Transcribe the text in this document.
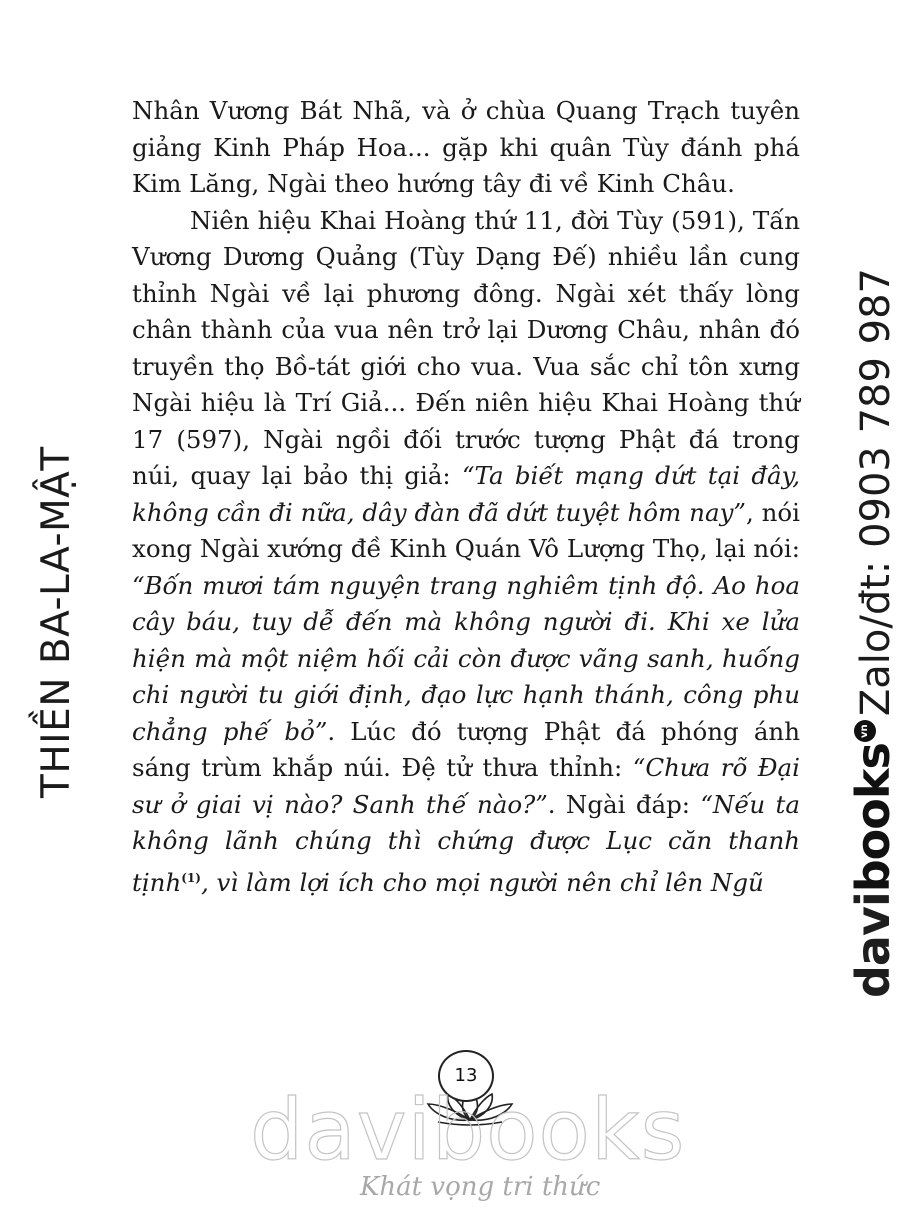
Nhân Vương Bát Nhã, và ở chùa Quang Trạch tuyên giảng Kinh Pháp Hoa... gặp khi quân Tùy đánh phá Kim Lăng, Ngài theo hướng tây đi về Kinh Châu.

Niên hiệu Khai Hoàng thứ 11, đời Tùy (591), Tấn Vương Dương Quảng (Tùy Dạng Đế) nhiều lần cung thỉnh Ngài về lại phương đông. Ngài xét thấy lòng chân thành của vua nên trở lại Dương Châu, nhân đó truyền thọ Bồ-tát giới cho vua. Vua sắc chỉ tôn xưng Ngài hiệu là Trí Giả... Đến niên hiệu Khai Hoàng thứ 17 (597), Ngài ngồi đối trước tượng Phật đá trong núi, quay lại bảo thị giả: “Ta biết mạng dứt tại đây, không cần đi nữa, dây đàn đã dứt tuyệt hôm nay”, nói xong Ngài xướng đề Kinh Quán Vô Lượng Thọ, lại nói: “Bốn mươi tám nguyện trang nghiêm tịnh độ. Ao hoa cây báu, tuy dễ đến mà không người đi. Khi xe lửa hiện mà một niệm hối cải còn được vãng sanh, huống chi người tu giới định, đạo lực hạnh thánh, công phu chẳng phế bỏ”. Lúc đó tượng Phật đá phóng ánh sáng trùm khắp núi. Đệ tử thưa thỉnh: “Chưa rõ Đại sư ở giai vị nào? Sanh thế nào?”. Ngài đáp: “Nếu ta không lãnh chúng thì chứng được Lục căn thanh tịnh$^{(1)}$, vì làm lợi ích cho mọi người nên chỉ lên Ngũ

THIỀN BA-LA-MẬT
davibooksvnZalo/đt: 0903 789 987
13
davibooks
Khát vọng tri thức
